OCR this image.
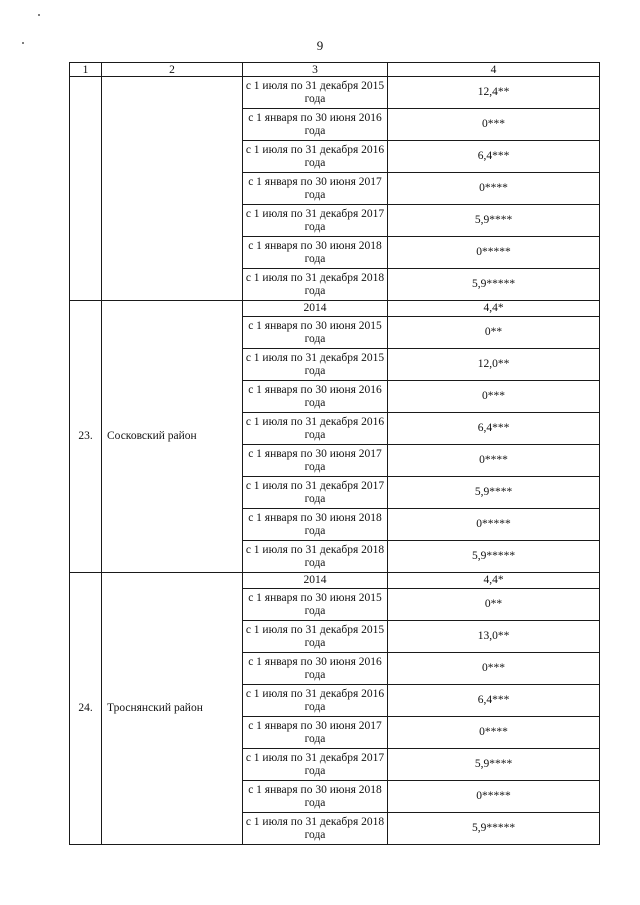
9
1	2	3	4
		с 1 июля по 31 декабря 2015 года	12,4**
		с 1 января по 30 июня 2016 года	0***
		с 1 июля по 31 декабря 2016 года	6,4***
		с 1 января по 30 июня 2017 года	0****
		с 1 июля по 31 декабря 2017 года	5,9****
		с 1 января по 30 июня 2018 года	0*****
		с 1 июля по 31 декабря 2018 года	5,9*****
23.	Сосковский район	2014	4,4*
		с 1 января по 30 июня 2015 года	0**
		с 1 июля по 31 декабря 2015 года	12,0**
		с 1 января по 30 июня 2016 года	0***
		с 1 июля по 31 декабря 2016 года	6,4***
		с 1 января по 30 июня 2017 года	0****
		с 1 июля по 31 декабря 2017 года	5,9****
		с 1 января по 30 июня 2018 года	0*****
		с 1 июля по 31 декабря 2018 года	5,9*****
24.	Троснянский район	2014	4,4*
		с 1 января по 30 июня 2015 года	0**
		с 1 июля по 31 декабря 2015 года	13,0**
		с 1 января по 30 июня 2016 года	0***
		с 1 июля по 31 декабря 2016 года	6,4***
		с 1 января по 30 июня 2017 года	0****
		с 1 июля по 31 декабря 2017 года	5,9****
		с 1 января по 30 июня 2018 года	0*****
		с 1 июля по 31 декабря 2018 года	5,9*****
